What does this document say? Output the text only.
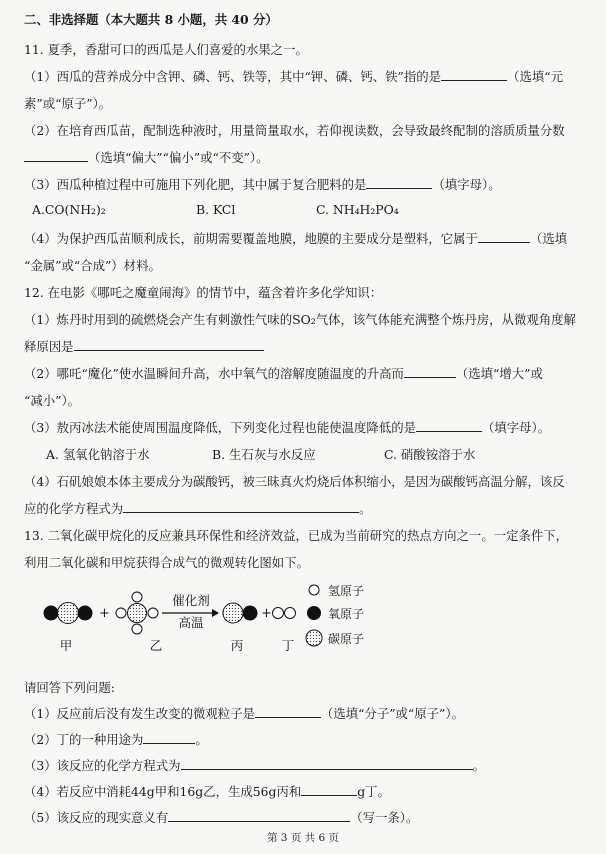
二、非选择题（本大题共 8 小题，共 40 分）
11. 夏季，香甜可口的西瓜是人们喜爱的水果之一。
（1）西瓜的营养成分中含钾、磷、钙、铁等，其中“钾、磷、钙、铁”指的是	（选填“元
素”或“原子”）。
（2）在培育西瓜苗，配制选种液时，用量筒量取水，若仰视读数，会导致最终配制的溶质质量分数
（选填“偏大”“偏小”或“不变”）。
（3）西瓜种植过程中可施用下列化肥，其中属于复合肥料的是	（填字母）。
A.CO(NH₂)₂	B. KCl	C. NH₄H₂PO₄
（4）为保护西瓜苗顺利成长，前期需要覆盖地膜，地膜的主要成分是塑料，它属于	（选填
“金属”或“合成”）材料。
12. 在电影《哪吒之魔童闹海》的情节中，蕴含着许多化学知识：
（1）炼丹时用到的硫燃烧会产生有刺激性气味的SO₂气体，该气体能充满整个炼丹房，从微观角度解
释原因是
（2）哪吒“魔化”使水温瞬间升高，水中氧气的溶解度随温度的升高而	（选填“增大”或
“减小”）。
（3）敖丙冰法术能使周围温度降低，下列变化过程也能使温度降低的是	（填字母）。
A. 氢氧化钠溶于水	B. 生石灰与水反应	C. 硝酸铵溶于水
（4）石矶娘娘本体主要成分为碳酸钙，被三昧真火灼烧后体积缩小，是因为碳酸钙高温分解，该反
应的化学方程式为	。
13. 二氧化碳甲烷化的反应兼具环保性和经济效益，已成为当前研究的热点方向之一。一定条件下，
利用二氧化碳和甲烷获得合成气的微观转化图如下。
+
催化剂
高温
+
甲	乙	丙	丁
氢原子
氧原子
碳原子
请回答下列问题:
（1）反应前后没有发生改变的微观粒子是	（选填“分子”或“原子”）。
（2）丁的一种用途为	。
（3）该反应的化学方程式为	。
（4）若反应中消耗44g甲和16g乙，生成56g丙和	g丁。
（5）该反应的现实意义有	（写一条）。
第 3 页 共 6 页
